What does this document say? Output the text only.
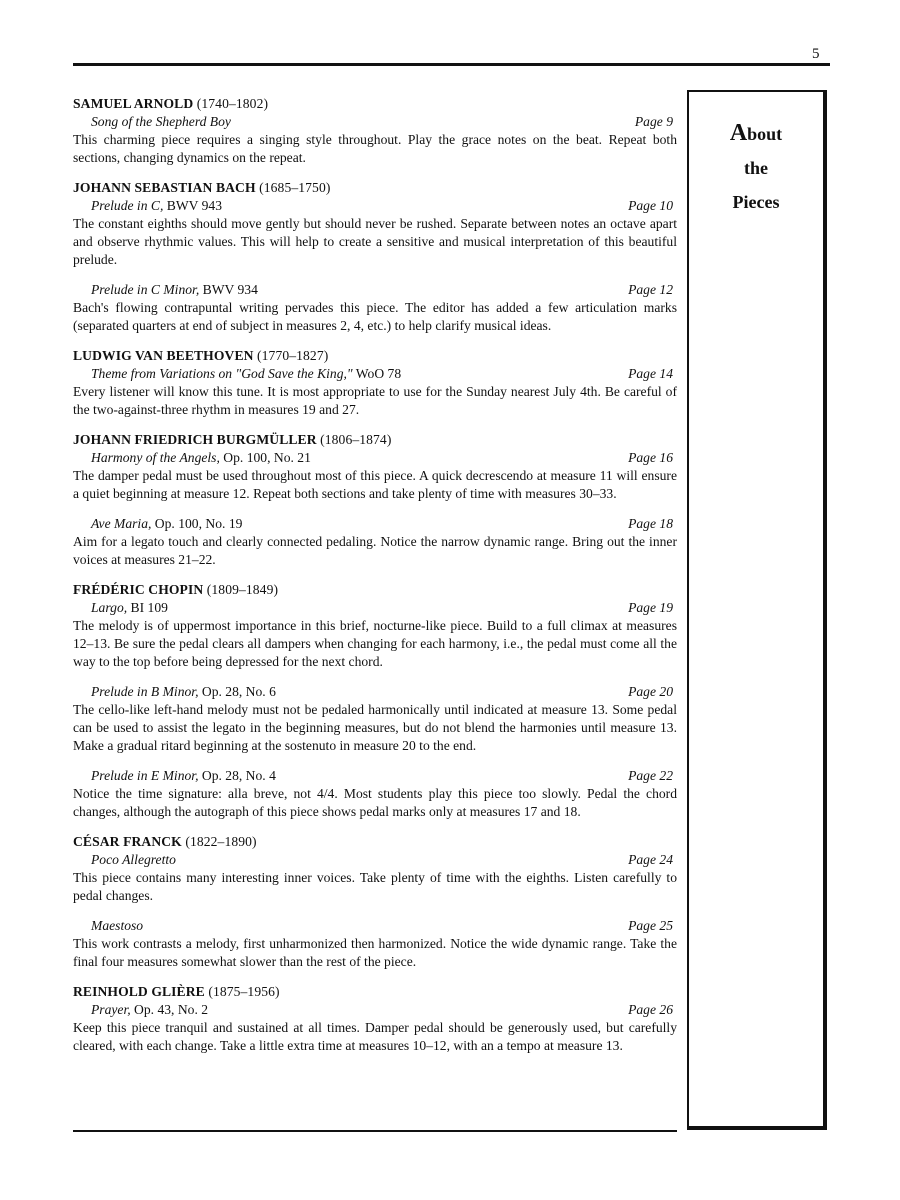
5
SAMUEL ARNOLD (1740–1802)
Song of the Shepherd Boy	Page 9
This charming piece requires a singing style throughout. Play the grace notes on the beat. Repeat both sections, changing dynamics on the repeat.
JOHANN SEBASTIAN BACH (1685–1750)
Prelude in C, BWV 943	Page 10
The constant eighths should move gently but should never be rushed. Separate between notes an octave apart and observe rhythmic values. This will help to create a sensitive and musical interpretation of this beautiful prelude.
Prelude in C Minor, BWV 934	Page 12
Bach's flowing contrapuntal writing pervades this piece. The editor has added a few articulation marks (separated quarters at end of subject in measures 2, 4, etc.) to help clarify musical ideas.
LUDWIG VAN BEETHOVEN (1770–1827)
Theme from Variations on "God Save the King," WoO 78	Page 14
Every listener will know this tune. It is most appropriate to use for the Sunday nearest July 4th. Be careful of the two-against-three rhythm in measures 19 and 27.
JOHANN FRIEDRICH BURGMÜLLER (1806–1874)
Harmony of the Angels, Op. 100, No. 21	Page 16
The damper pedal must be used throughout most of this piece. A quick decrescendo at measure 11 will ensure a quiet beginning at measure 12. Repeat both sections and take plenty of time with measures 30–33.
Ave Maria, Op. 100, No. 19	Page 18
Aim for a legato touch and clearly connected pedaling. Notice the narrow dynamic range. Bring out the inner voices at measures 21–22.
FRÉDÉRIC CHOPIN (1809–1849)
Largo, BI 109	Page 19
The melody is of uppermost importance in this brief, nocturne-like piece. Build to a full climax at measures 12–13. Be sure the pedal clears all dampers when changing for each harmony, i.e., the pedal must come all the way to the top before being depressed for the next chord.
Prelude in B Minor, Op. 28, No. 6	Page 20
The cello-like left-hand melody must not be pedaled harmonically until indicated at measure 13. Some pedal can be used to assist the legato in the beginning measures, but do not blend the harmonies until measure 13. Make a gradual ritard beginning at the sostenuto in measure 20 to the end.
Prelude in E Minor, Op. 28, No. 4	Page 22
Notice the time signature: alla breve, not 4/4. Most students play this piece too slowly. Pedal the chord changes, although the autograph of this piece shows pedal marks only at measures 17 and 18.
CÉSAR FRANCK (1822–1890)
Poco Allegretto	Page 24
This piece contains many interesting inner voices. Take plenty of time with the eighths. Listen carefully to pedal changes.
Maestoso	Page 25
This work contrasts a melody, first unharmonized then harmonized. Notice the wide dynamic range. Take the final four measures somewhat slower than the rest of the piece.
REINHOLD GLIÈRE (1875–1956)
Prayer, Op. 43, No. 2	Page 26
Keep this piece tranquil and sustained at all times. Damper pedal should be generously used, but carefully cleared, with each change. Take a little extra time at measures 10–12, with an a tempo at measure 13.
About
the
Pieces
